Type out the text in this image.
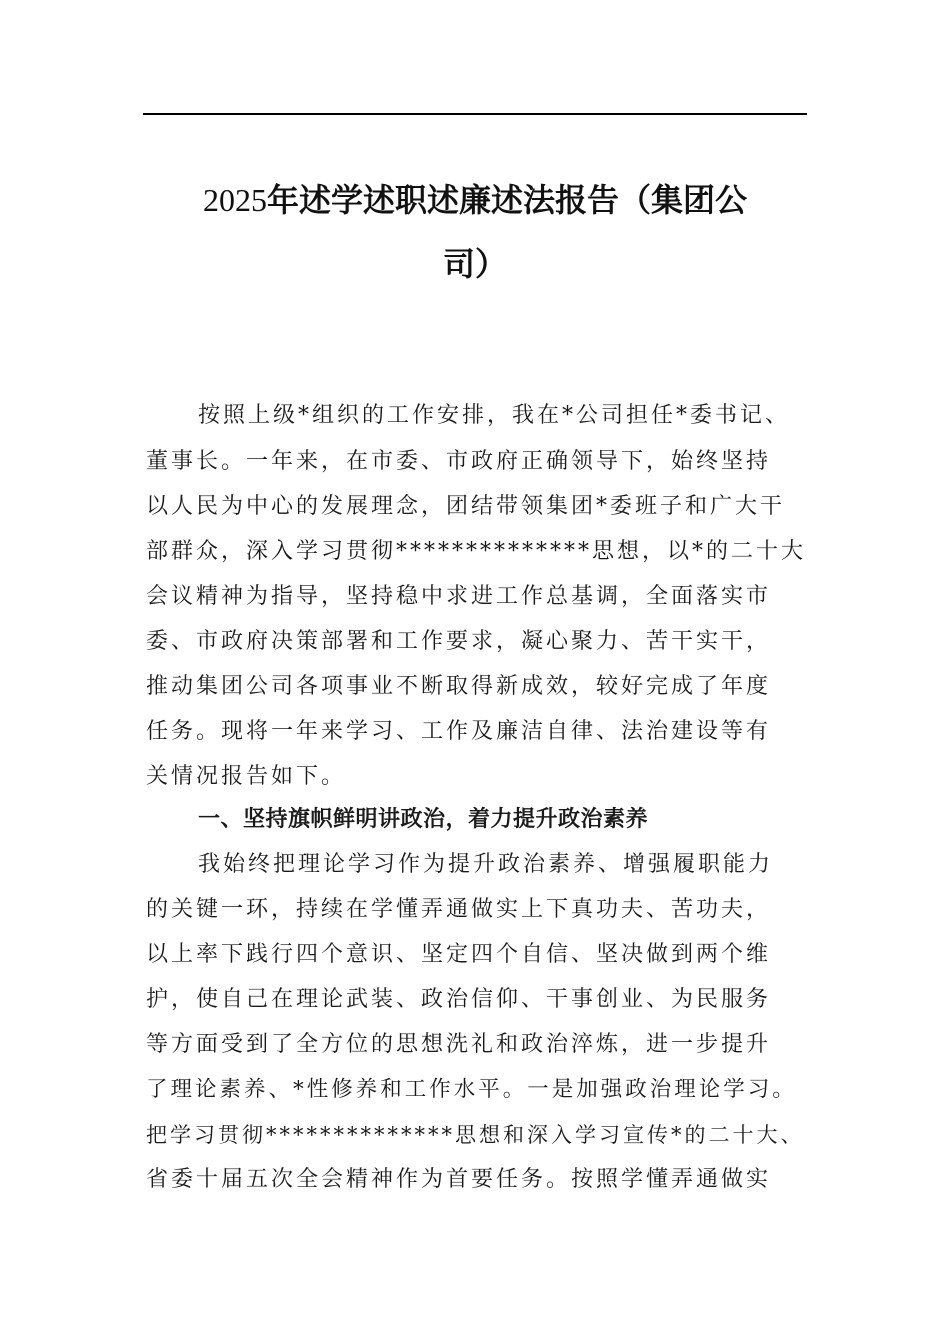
2025年述学述职述廉述法报告（集团公
司）
按照上级*组织的工作安排，我在*公司担任*委书记、
董事长。一年来，在市委、市政府正确领导下，始终坚持
以人民为中心的发展理念，团结带领集团*委班子和广大干
部群众，深入学习贯彻**************思想，以*的二十大
会议精神为指导，坚持稳中求进工作总基调，全面落实市
委、市政府决策部署和工作要求，凝心聚力、苦干实干，
推动集团公司各项事业不断取得新成效，较好完成了年度
任务。现将一年来学习、工作及廉洁自律、法治建设等有
关情况报告如下。
一、坚持旗帜鲜明讲政治，着力提升政治素养
我始终把理论学习作为提升政治素养、增强履职能力
的关键一环，持续在学懂弄通做实上下真功夫、苦功夫，
以上率下践行四个意识、坚定四个自信、坚决做到两个维
护，使自己在理论武装、政治信仰、干事创业、为民服务
等方面受到了全方位的思想洗礼和政治淬炼，进一步提升
了理论素养、*性修养和工作水平。一是加强政治理论学习。
把学习贯彻**************思想和深入学习宣传*的二十大、
省委十届五次全会精神作为首要任务。按照学懂弄通做实
